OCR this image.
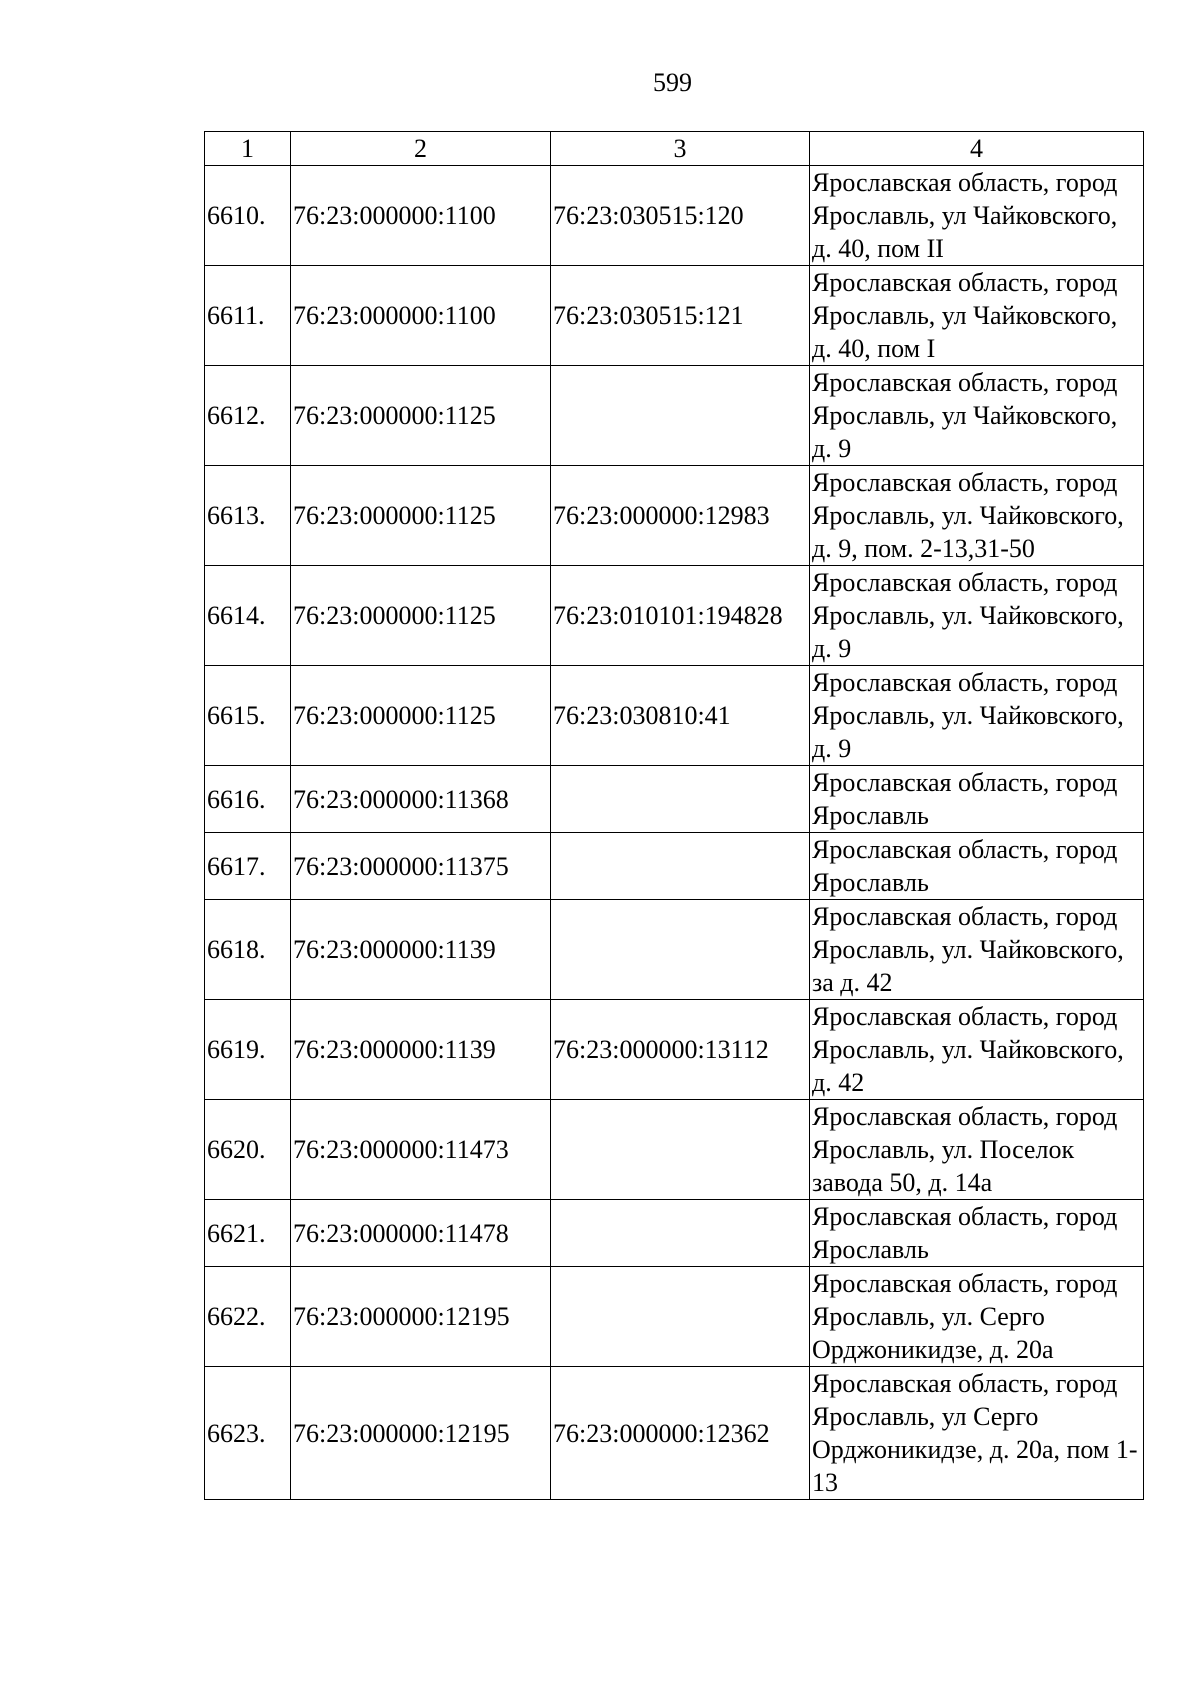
599
1	2	3	4
6610.	76:23:000000:1100	76:23:030515:120	Ярославская область, город Ярославль, ул Чайковского, д. 40, пом II
6611.	76:23:000000:1100	76:23:030515:121	Ярославская область, город Ярославль, ул Чайковского, д. 40, пом I
6612.	76:23:000000:1125		Ярославская область, город Ярославль, ул Чайковского, д. 9
6613.	76:23:000000:1125	76:23:000000:12983	Ярославская область, город Ярославль, ул. Чайковского, д. 9, пом. 2-13,31-50
6614.	76:23:000000:1125	76:23:010101:194828	Ярославская область, город Ярославль, ул. Чайковского, д. 9
6615.	76:23:000000:1125	76:23:030810:41	Ярославская область, город Ярославль, ул. Чайковского, д. 9
6616.	76:23:000000:11368		Ярославская область, город Ярославль
6617.	76:23:000000:11375		Ярославская область, город Ярославль
6618.	76:23:000000:1139		Ярославская область, город Ярославль, ул. Чайковского, за д. 42
6619.	76:23:000000:1139	76:23:000000:13112	Ярославская область, город Ярославль, ул. Чайковского, д. 42
6620.	76:23:000000:11473		Ярославская область, город Ярославль, ул. Поселок завода 50, д. 14а
6621.	76:23:000000:11478		Ярославская область, город Ярославль
6622.	76:23:000000:12195		Ярославская область, город Ярославль, ул. Серго Орджоникидзе, д. 20а
6623.	76:23:000000:12195	76:23:000000:12362	Ярославская область, город Ярославль, ул Серго Орджоникидзе, д. 20а, пом 1-13
